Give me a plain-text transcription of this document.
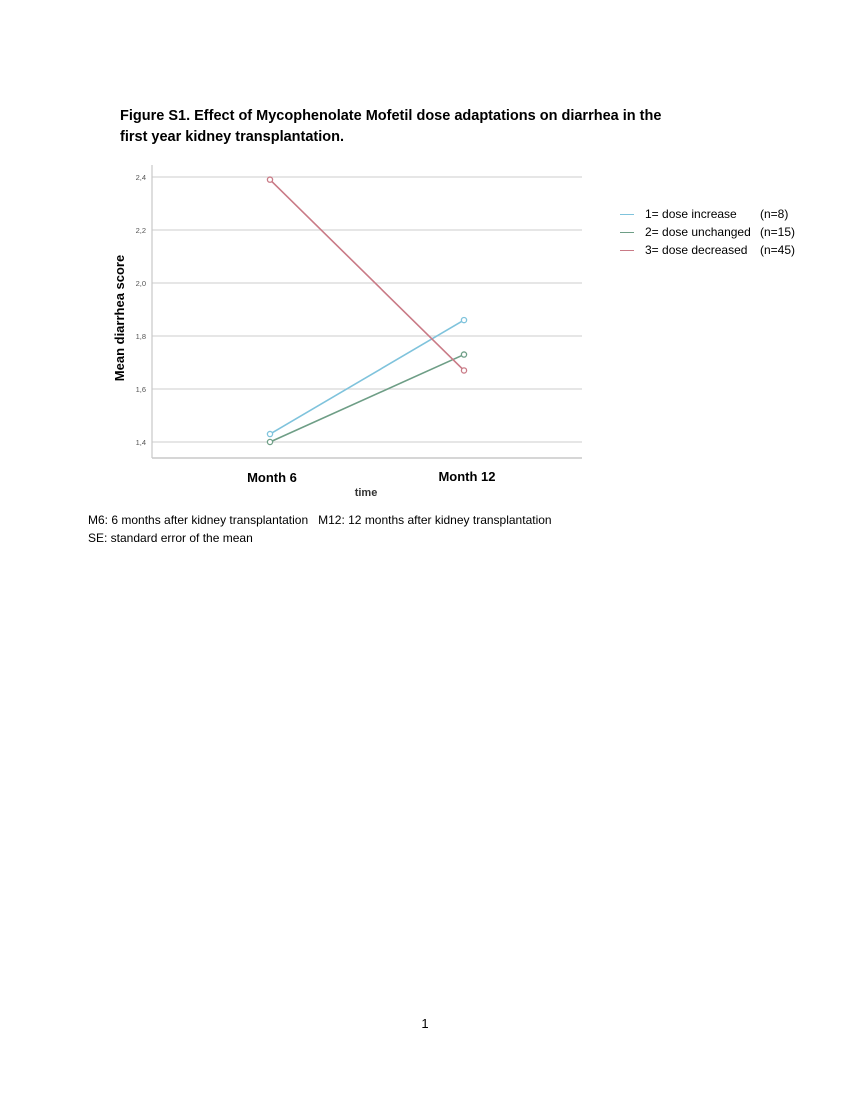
Figure S1. Effect of Mycophenolate Mofetil dose adaptations on diarrhea in the
first year kidney transplantation.
1,4
1,6
1,8
2,0
2,2
2,4
Month 6	Month 12
time
Mean diarrhea score
1= dose increase (n=8)
2= dose unchanged (n=15)
3= dose decreased (n=45)

M6: 6 months after kidney transplantation   M12: 12 months after kidney transplantation
SE: standard error of the mean

1
